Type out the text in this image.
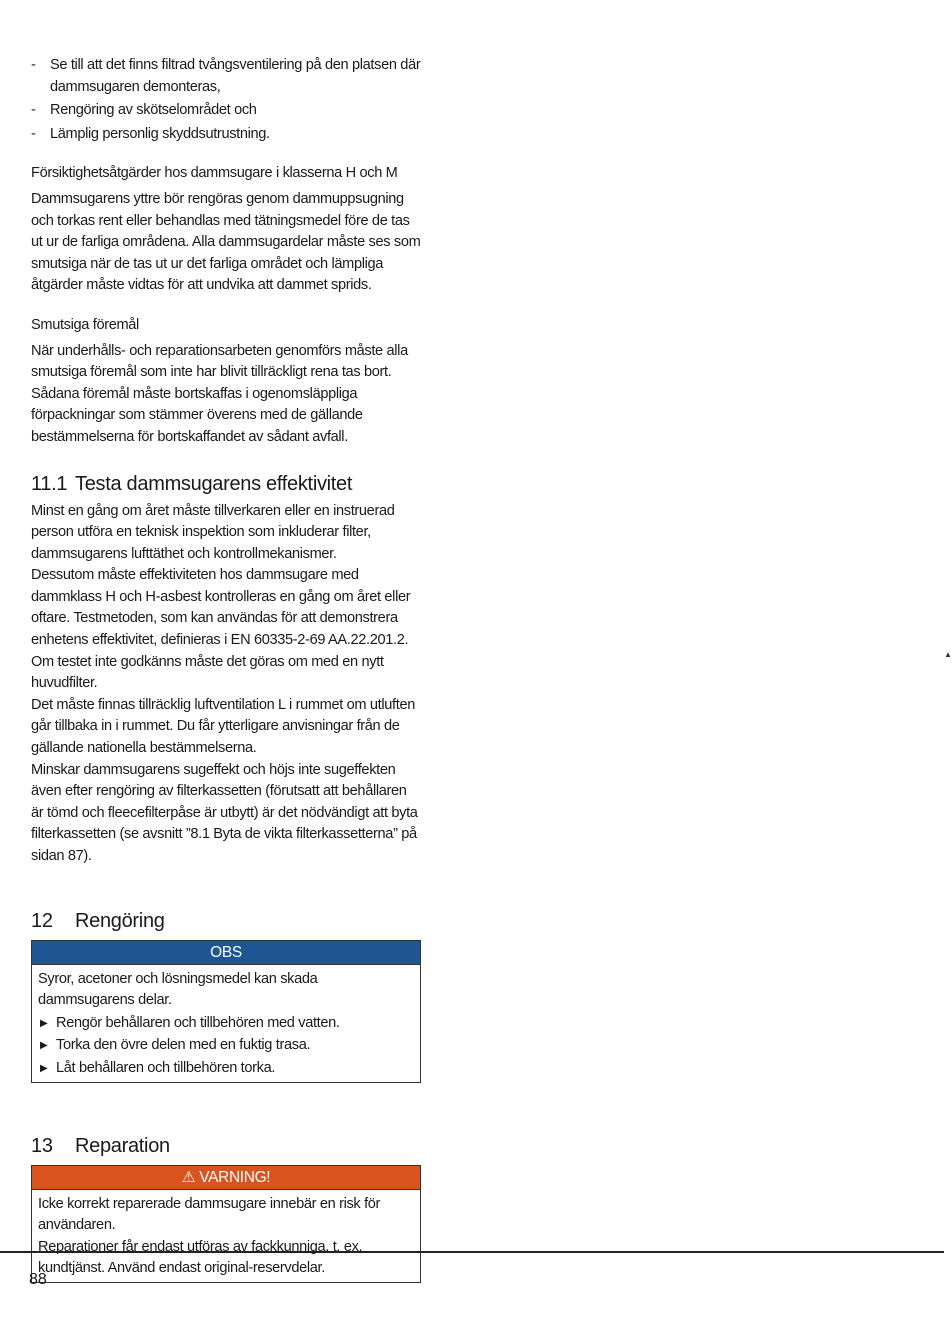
- Se till att det finns filtrad tvångsventilering på den platsen där dammsugaren demonteras,
- Rengöring av skötselområdet och
- Lämplig personlig skyddsutrustning.
Försiktighetsåtgärder hos dammsugare i klasserna H och M

Dammsugarens yttre bör rengöras genom dammuppsugning och torkas rent eller behandlas med tätningsmedel före de tas ut ur de farliga områdena. Alla dammsugardelar måste ses som smutsiga när de tas ut ur det farliga området och lämpliga åtgärder måste vidtas för att undvika att dammet sprids.

Smutsiga föremål

När underhålls- och reparationsarbeten genomförs måste alla smutsiga föremål som inte har blivit tillräckligt rena tas bort. Sådana föremål måste bortskaffas i ogenomsläppliga förpackningar som stämmer överens med de gällande bestämmelserna för bortskaffandet av sådant avfall.

11.1 Testa dammsugarens effektivitet

Minst en gång om året måste tillverkaren eller en instruerad person utföra en teknisk inspektion som inkluderar filter, dammsugarens lufttäthet och kontrollmekanismer.

Dessutom måste effektiviteten hos dammsugare med dammklass H och H-asbest kontrolleras en gång om året eller oftare. Testmetoden, som kan användas för att demonstrera enhetens effektivitet, definieras i EN 60335-2-69 AA.22.201.2. Om testet inte godkänns måste det göras om med en nytt huvudfilter.

Det måste finnas tillräcklig luftventilation L i rummet om utluften går tillbaka in i rummet. Du får ytterligare anvisningar från de gällande nationella bestämmelserna.

Minskar dammsugarens sugeffekt och höjs inte sugeffekten även efter rengöring av filterkassetten (förutsatt att behållaren är tömd och fleecefilterpåse är utbytt) är det nödvändigt att byta filterkassetten (se avsnitt ”8.1 Byta de vikta filterkassetterna” på sidan 87).

12	Rengöring
OBS
Syror, acetoner och lösningsmedel kan skada dammsugarens delar.
▶ Rengör behållaren och tillbehören med vatten.
▶ Torka den övre delen med en fuktig trasa.
▶ Låt behållaren och tillbehören torka.
13	Reparation
⚠ VARNING!
Icke korrekt reparerade dammsugare innebär en risk för användaren.
Reparationer får endast utföras av fackkunniga, t. ex. kundtjänst. Använd endast original-reservdelar.
▲
88
